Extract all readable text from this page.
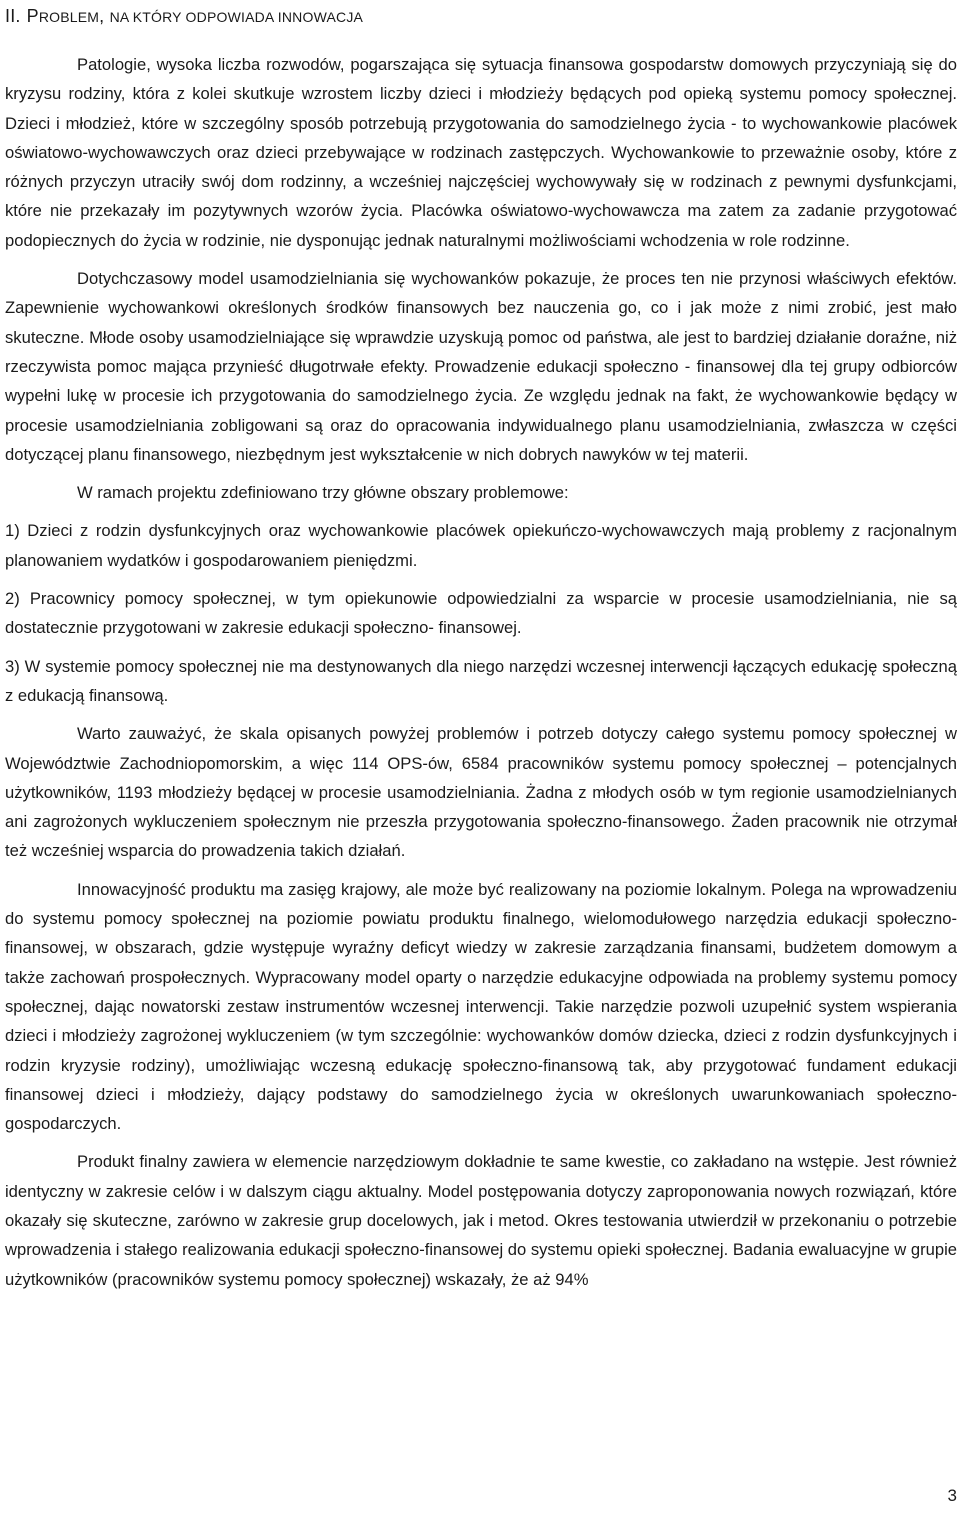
II. PROBLEM, NA KTÓRY ODPOWIADA INNOWACJA

Patologie, wysoka liczba rozwodów, pogarszająca się sytuacja finansowa gospodarstw domowych przyczyniają się do kryzysu rodziny, która z kolei skutkuje wzrostem liczby dzieci i młodzieży będących pod opieką systemu pomocy społecznej. Dzieci i młodzież, które w szczególny sposób potrzebują przygotowania do samodzielnego życia - to wychowankowie placówek oświatowo-wychowawczych oraz dzieci przebywające w rodzinach zastępczych. Wychowankowie to przeważnie osoby, które z różnych przyczyn utraciły swój dom rodzinny, a wcześniej najczęściej wychowywały się w rodzinach z pewnymi dysfunkcjami, które nie przekazały im pozytywnych wzorów życia. Placówka oświatowo-wychowawcza ma zatem za zadanie przygotować podopiecznych do życia w rodzinie, nie dysponując jednak naturalnymi możliwościami wchodzenia w role rodzinne.

Dotychczasowy model usamodzielniania się wychowanków pokazuje, że proces ten nie przynosi właściwych efektów. Zapewnienie wychowankowi określonych środków finansowych bez nauczenia go, co i jak może z nimi zrobić, jest mało skuteczne. Młode osoby usamodzielniające się wprawdzie uzyskują pomoc od państwa, ale jest to bardziej działanie doraźne, niż rzeczywista pomoc mająca przynieść długotrwałe efekty. Prowadzenie edukacji społeczno - finansowej dla tej grupy odbiorców wypełni lukę w procesie ich przygotowania do samodzielnego życia. Ze względu jednak na fakt, że wychowankowie będący w procesie usamodzielniania zobligowani są oraz do opracowania indywidualnego planu usamodzielniania, zwłaszcza w części dotyczącej planu finansowego, niezbędnym jest wykształcenie w nich dobrych nawyków w tej materii.

W ramach projektu zdefiniowano trzy główne obszary problemowe:

1) Dzieci z rodzin dysfunkcyjnych oraz wychowankowie placówek opiekuńczo-wychowawczych mają problemy z racjonalnym planowaniem wydatków i gospodarowaniem pieniędzmi.

2) Pracownicy pomocy społecznej, w tym opiekunowie odpowiedzialni za wsparcie w procesie usamodzielniania, nie są dostatecznie przygotowani w zakresie edukacji społeczno- finansowej.

3) W systemie pomocy społecznej nie ma destynowanych dla niego narzędzi wczesnej interwencji łączących edukację społeczną z edukacją finansową.

Warto zauważyć, że skala opisanych powyżej problemów i potrzeb dotyczy całego systemu pomocy społecznej w Województwie Zachodniopomorskim, a więc 114 OPS-ów, 6584 pracowników systemu pomocy społecznej – potencjalnych użytkowników, 1193 młodzieży będącej w procesie usamodzielniania. Żadna z młodych osób w tym regionie usamodzielnianych ani zagrożonych wykluczeniem społecznym nie przeszła przygotowania społeczno-finansowego. Żaden pracownik nie otrzymał też wcześniej wsparcia do prowadzenia takich działań.

Innowacyjność produktu ma zasięg krajowy, ale może być realizowany na poziomie lokalnym. Polega na wprowadzeniu do systemu pomocy społecznej na poziomie powiatu produktu finalnego, wielomodułowego narzędzia edukacji społeczno-finansowej, w obszarach, gdzie występuje wyraźny deficyt wiedzy w zakresie zarządzania finansami, budżetem domowym a także zachowań prospołecznych. Wypracowany model oparty o narzędzie edukacyjne odpowiada na problemy systemu pomocy społecznej, dając nowatorski zestaw instrumentów wczesnej interwencji. Takie narzędzie pozwoli uzupełnić system wspierania dzieci i młodzieży zagrożonej wykluczeniem (w tym szczególnie: wychowanków domów dziecka, dzieci z rodzin dysfunkcyjnych i rodzin kryzysie rodziny), umożliwiając wczesną edukację społeczno-finansową tak, aby przygotować fundament edukacji finansowej dzieci i młodzieży, dający podstawy do samodzielnego życia w określonych uwarunkowaniach społeczno-gospodarczych.

Produkt finalny zawiera w elemencie narzędziowym dokładnie te same kwestie, co zakładano na wstępie. Jest również identyczny w zakresie celów i w dalszym ciągu aktualny. Model postępowania dotyczy zaproponowania nowych rozwiązań, które okazały się skuteczne, zarówno w zakresie grup docelowych, jak i metod. Okres testowania utwierdził w przekonaniu o potrzebie wprowadzenia i stałego realizowania edukacji społeczno-finansowej do systemu opieki społecznej. Badania ewaluacyjne w grupie użytkowników (pracowników systemu pomocy społecznej) wskazały, że aż 94%

3
